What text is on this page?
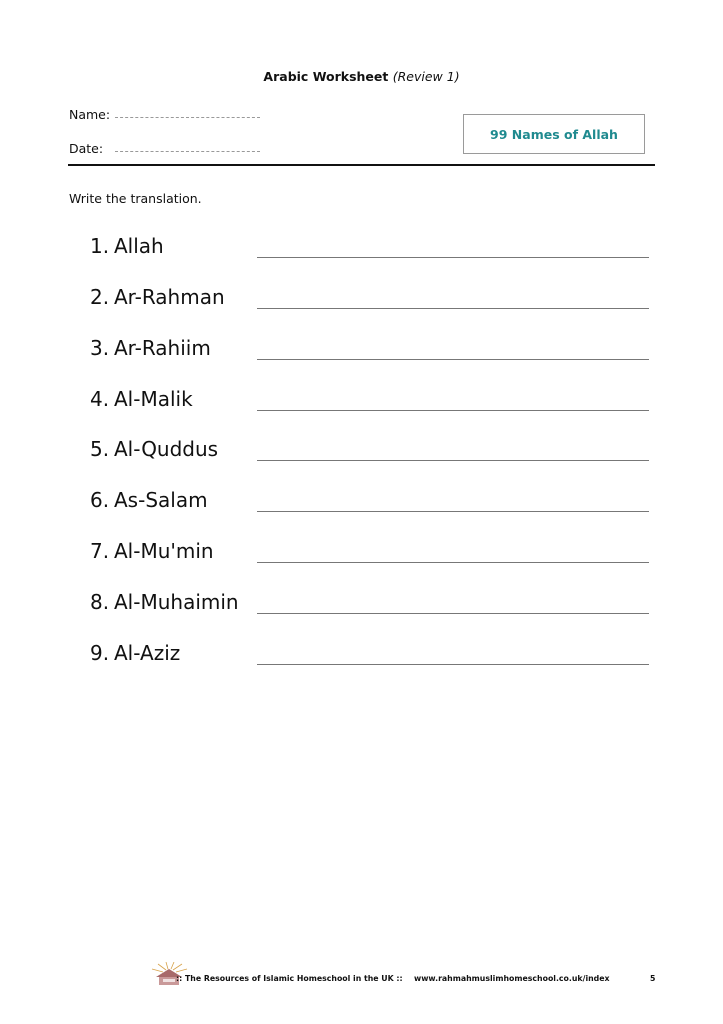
Arabic Worksheet (Review 1)
Name:
Date:
99 Names of Allah
Write the translation.
1. Allah
2. Ar-Rahman
3. Ar-Rahiim
4. Al-Malik
5. Al-Quddus
6. As-Salam
7. Al-Mu'min
8. Al-Muhaimin
9. Al-Aziz
:: The Resources of Islamic Homeschool in the UK :: www.rahmahmuslimhomeschool.co.uk/index	5
